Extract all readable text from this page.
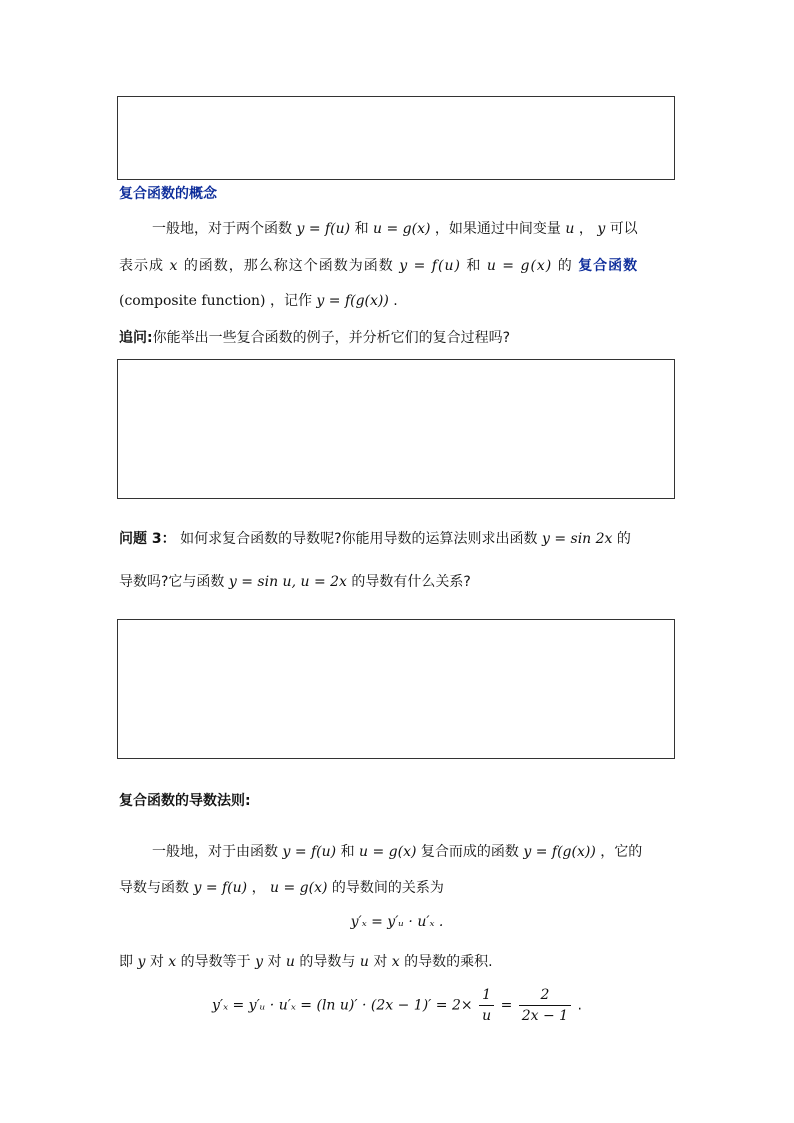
复合函数的概念
一般地，对于两个函数 y = f(u) 和 u = g(x) ，如果通过中间变量 u ， y 可以
表示成 x 的函数，那么称这个函数为函数 y = f(u) 和 u = g(x) 的 复合函数
(composite function) ，记作 y = f(g(x)) .
追问:你能举出一些复合函数的例子，并分析它们的复合过程吗?
问题 3： 如何求复合函数的导数呢?你能用导数的运算法则求出函数 y = sin 2x 的
导数吗?它与函数 y = sin u, u = 2x 的导数有什么关系?
复合函数的导数法则:
一般地，对于由函数 y = f(u) 和 u = g(x) 复合而成的函数 y = f(g(x)) ，它的
导数与函数 y = f(u) ， u = g(x) 的导数间的关系为
y′ₓ = y′ᵤ · u′ₓ .
即 y 对 x 的导数等于 y 对 u 的导数与 u 对 x 的导数的乘积.
y′ₓ = y′ᵤ · u′ₓ = (ln $u)' \cdot (2x - 1)' = 2\times \frac{1}{u} = \frac{2}{2x - 1}$ .
